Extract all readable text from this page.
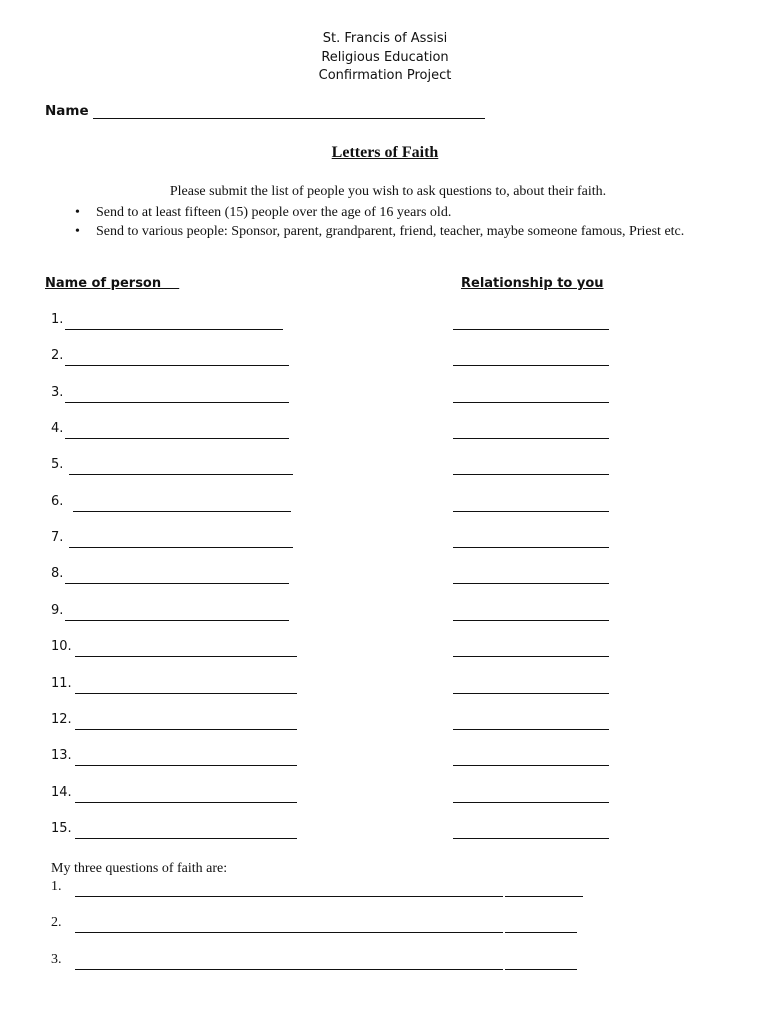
St. Francis of Assisi
Religious Education
Confirmation Project
Name
Letters of Faith
Please submit the list of people you wish to ask questions to, about their faith.
• Send to at least fifteen (15) people over the age of 16 years old.
• Send to various people: Sponsor, parent, grandparent, friend, teacher, maybe someone famous, Priest etc.
Name of person	Relationship to you
1.
2.
3.
4.
5.
6.
7.
8.
9.
10.
11.
12.
13.
14.
15.
My three questions of faith are:
1.
2.
3.
